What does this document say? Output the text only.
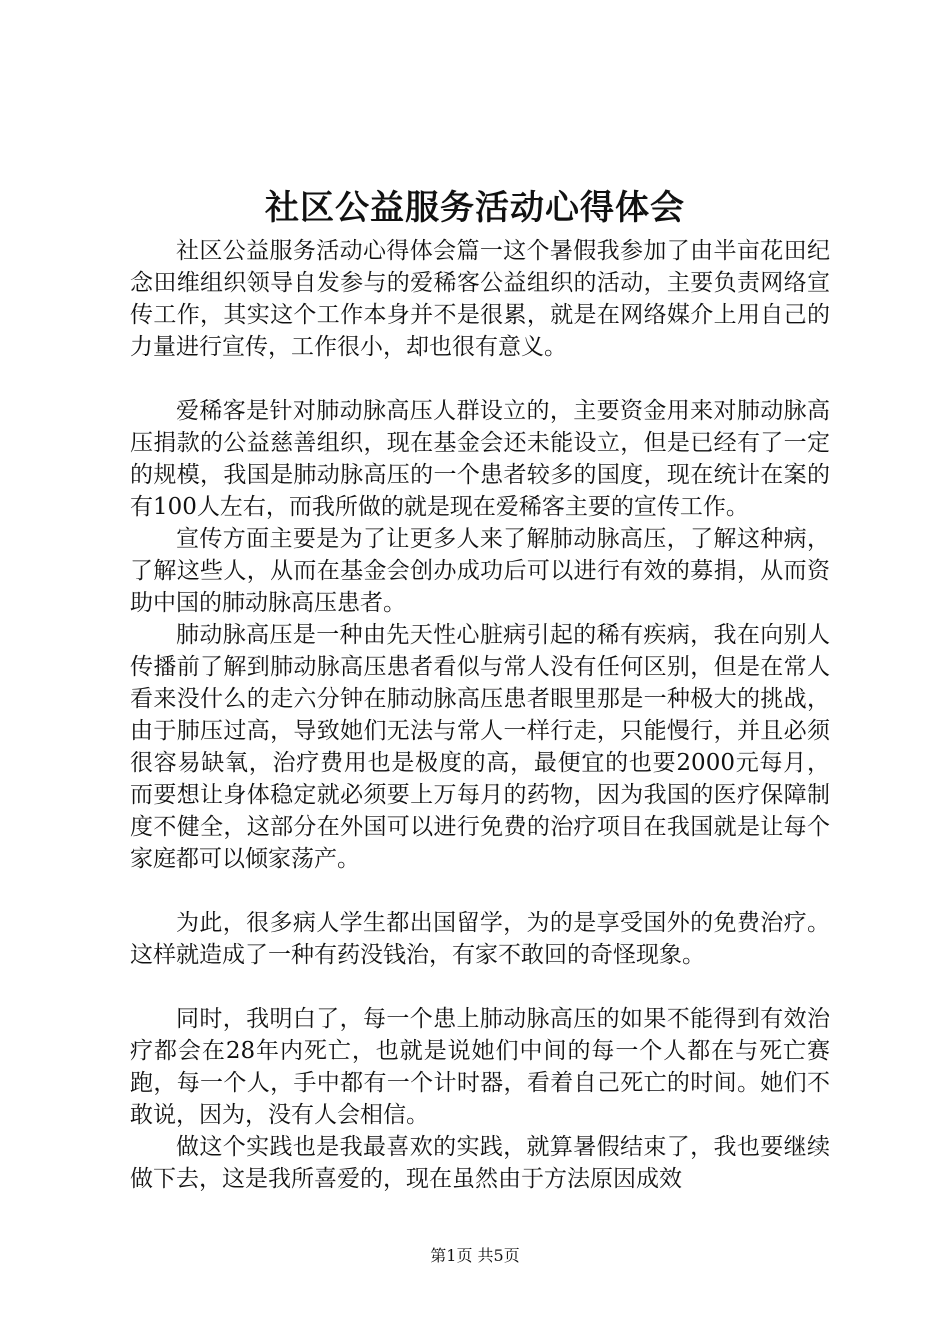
社区公益服务活动心得体会

社区公益服务活动心得体会篇一这个暑假我参加了由半亩花田纪念田维组织领导自发参与的爱稀客公益组织的活动，主要负责网络宣传工作，其实这个工作本身并不是很累，就是在网络媒介上用自己的力量进行宣传，工作很小，却也很有意义。

爱稀客是针对肺动脉高压人群设立的，主要资金用来对肺动脉高压捐款的公益慈善组织，现在基金会还未能设立，但是已经有了一定的规模，我国是肺动脉高压的一个患者较多的国度，现在统计在案的有100人左右，而我所做的就是现在爱稀客主要的宣传工作。

宣传方面主要是为了让更多人来了解肺动脉高压，了解这种病，了解这些人，从而在基金会创办成功后可以进行有效的募捐，从而资助中国的肺动脉高压患者。

肺动脉高压是一种由先天性心脏病引起的稀有疾病，我在向别人传播前了解到肺动脉高压患者看似与常人没有任何区别，但是在常人看来没什么的走六分钟在肺动脉高压患者眼里那是一种极大的挑战，由于肺压过高，导致她们无法与常人一样行走，只能慢行，并且必须很容易缺氧，治疗费用也是极度的高，最便宜的也要2000元每月，而要想让身体稳定就必须要上万每月的药物，因为我国的医疗保障制度不健全，这部分在外国可以进行免费的治疗项目在我国就是让每个家庭都可以倾家荡产。

为此，很多病人学生都出国留学，为的是享受国外的免费治疗。这样就造成了一种有药没钱治，有家不敢回的奇怪现象。

同时，我明白了，每一个患上肺动脉高压的如果不能得到有效治疗都会在28年内死亡，也就是说她们中间的每一个人都在与死亡赛跑，每一个人，手中都有一个计时器，看着自己死亡的时间。她们不敢说，因为，没有人会相信。

做这个实践也是我最喜欢的实践，就算暑假结束了，我也要继续做下去，这是我所喜爱的，现在虽然由于方法原因成效

第1页 共5页
